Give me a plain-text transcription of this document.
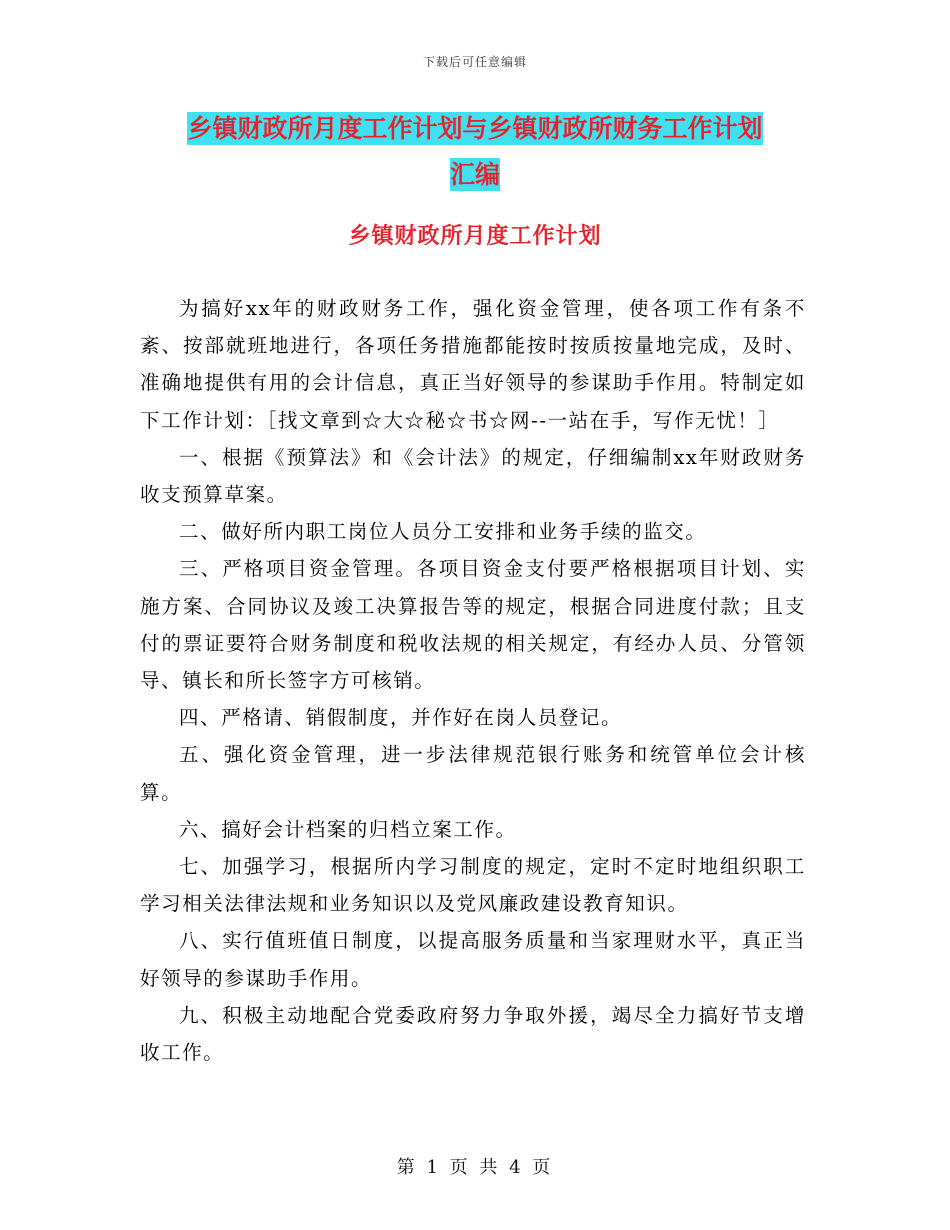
下载后可任意编辑
乡镇财政所月度工作计划与乡镇财政所财务工作计划
汇编
乡镇财政所月度工作计划

为搞好xx年的财政财务工作，强化资金管理，使各项工作有条不紊、按部就班地进行，各项任务措施都能按时按质按量地完成，及时、准确地提供有用的会计信息，真正当好领导的参谋助手作用。特制定如下工作计划：［找文章到☆大☆秘☆书☆网--一站在手，写作无忧！］

一、根据《预算法》和《会计法》的规定，仔细编制xx年财政财务收支预算草案。

二、做好所内职工岗位人员分工安排和业务手续的监交。

三、严格项目资金管理。各项目资金支付要严格根据项目计划、实施方案、合同协议及竣工决算报告等的规定，根据合同进度付款；且支付的票证要符合财务制度和税收法规的相关规定，有经办人员、分管领导、镇长和所长签字方可核销。

四、严格请、销假制度，并作好在岗人员登记。

五、强化资金管理，进一步法律规范银行账务和统管单位会计核算。

六、搞好会计档案的归档立案工作。

七、加强学习，根据所内学习制度的规定，定时不定时地组织职工学习相关法律法规和业务知识以及党风廉政建设教育知识。

八、实行值班值日制度，以提高服务质量和当家理财水平，真正当好领导的参谋助手作用。

九、积极主动地配合党委政府努力争取外援，竭尽全力搞好节支增收工作。

第 1 页 共 4 页
